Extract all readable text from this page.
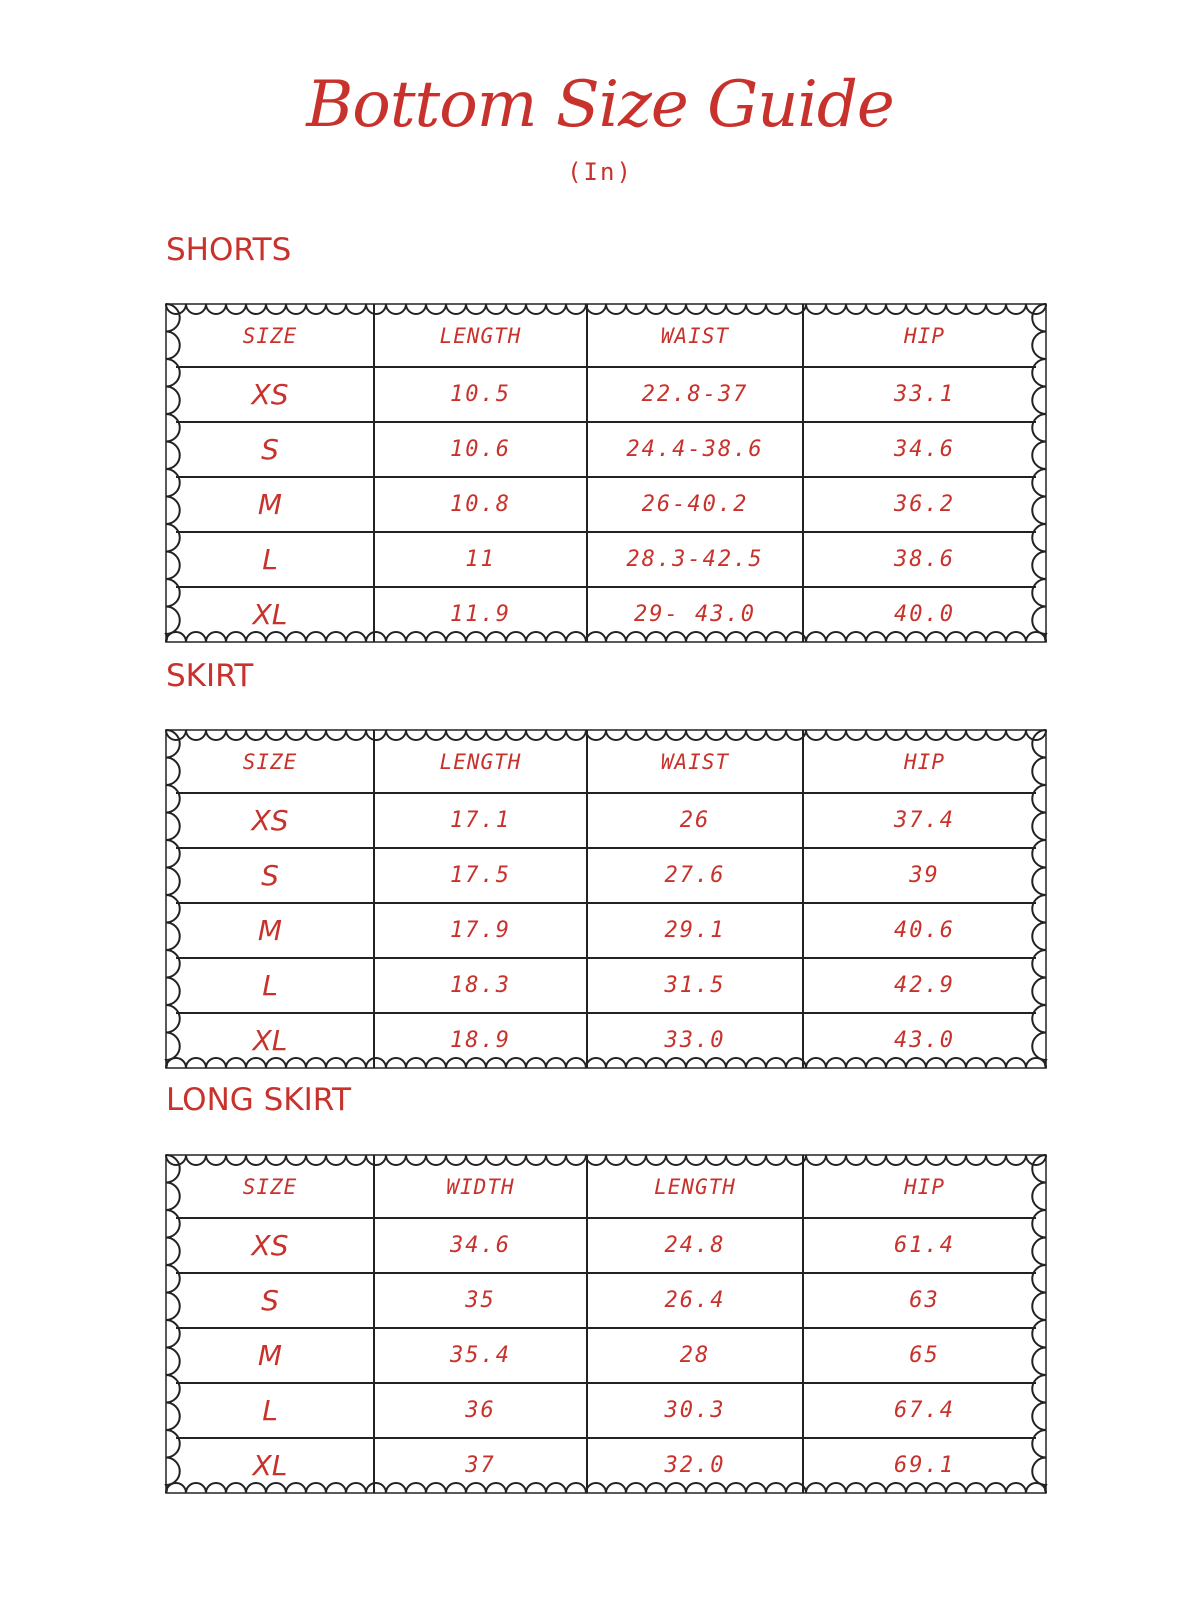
Bottom Size Guide
(In)
SHORTS
SIZE	LENGTH	WAIST	HIP
XS	10.5	22.8-37	33.1
S	10.6	24.4-38.6	34.6
M	10.8	26-40.2	36.2
L	11	28.3-42.5	38.6
XL	11.9	29- 43.0	40.0
SKIRT
SIZE	LENGTH	WAIST	HIP
XS	17.1	26	37.4
S	17.5	27.6	39
M	17.9	29.1	40.6
L	18.3	31.5	42.9
XL	18.9	33.0	43.0
LONG SKIRT
SIZE	WIDTH	LENGTH	HIP
XS	34.6	24.8	61.4
S	35	26.4	63
M	35.4	28	65
L	36	30.3	67.4
XL	37	32.0	69.1
